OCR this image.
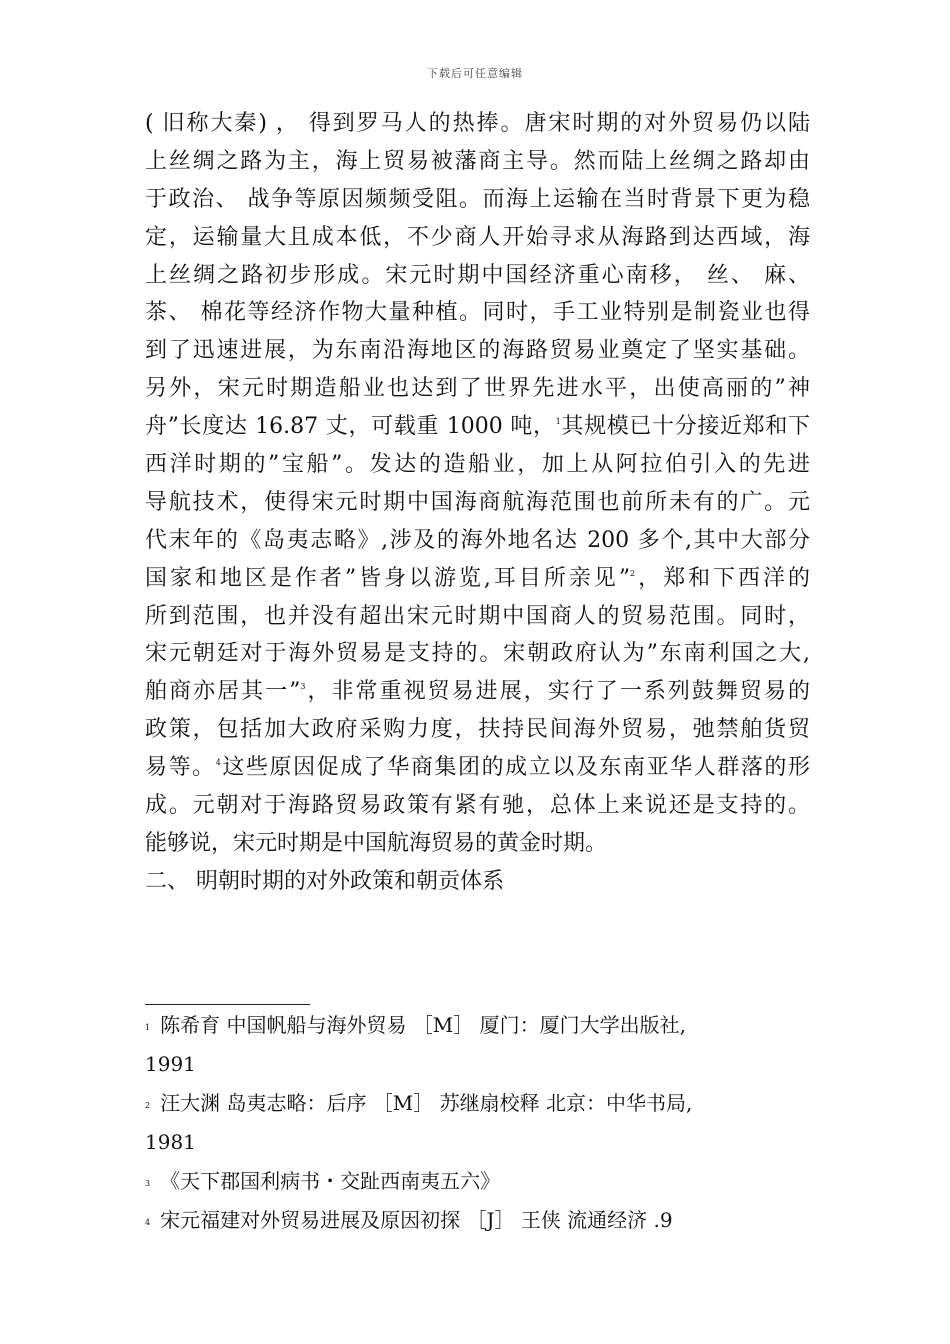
下载后可任意编辑
( 旧称大秦) ， 得到罗马人的热捧。唐宋时期的对外贸易仍以陆
上丝绸之路为主，海上贸易被藩商主导。然而陆上丝绸之路却由
于政治、 战争等原因频频受阻。而海上运输在当时背景下更为稳
定，运输量大且成本低，不少商人开始寻求从海路到达西域，海
上丝绸之路初步形成。宋元时期中国经济重心南移， 丝、 麻、
茶、 棉花等经济作物大量种植。同时，手工业特别是制瓷业也得
到了迅速进展，为东南沿海地区的海路贸易业奠定了坚实基础。
另外，宋元时期造船业也达到了世界先进水平，出使高丽的”神
舟”长度达 16.87 丈，可载重 1000 吨，$^1$其规模已十分接近郑和下
西洋时期的”宝船”。发达的造船业，加上从阿拉伯引入的先进
导航技术，使得宋元时期中国海商航海范围也前所未有的广。元
代末年的《岛夷志略》,涉及的海外地名达 200 多个,其中大部分
国家和地区是作者”皆身以游览,耳目所亲见”$^2$，郑和下西洋的
所到范围，也并没有超出宋元时期中国商人的贸易范围。同时，
宋元朝廷对于海外贸易是支持的。宋朝政府认为”东南利国之大,
舶商亦居其一”$^3$，非常重视贸易进展，实行了一系列鼓舞贸易的
政策，包括加大政府采购力度，扶持民间海外贸易，弛禁舶货贸
易等。$^4$这些原因促成了华商集团的成立以及东南亚华人群落的形
成。元朝对于海路贸易政策有紧有驰，总体上来说还是支持的。
能够说，宋元时期是中国航海贸易的黄金时期。
二、 明朝时期的对外政策和朝贡体系
1 陈希育 中国帆船与海外贸易 ［M］ 厦门：厦门大学出版社,
1991
2 汪大渊 岛夷志略：后序 ［M］ 苏继扇校释 北京：中华书局,
1981
3 《天下郡国利病书・交趾西南夷五六》
4 宋元福建对外贸易进展及原因初探 ［J］ 王侠 流通经济 .9
